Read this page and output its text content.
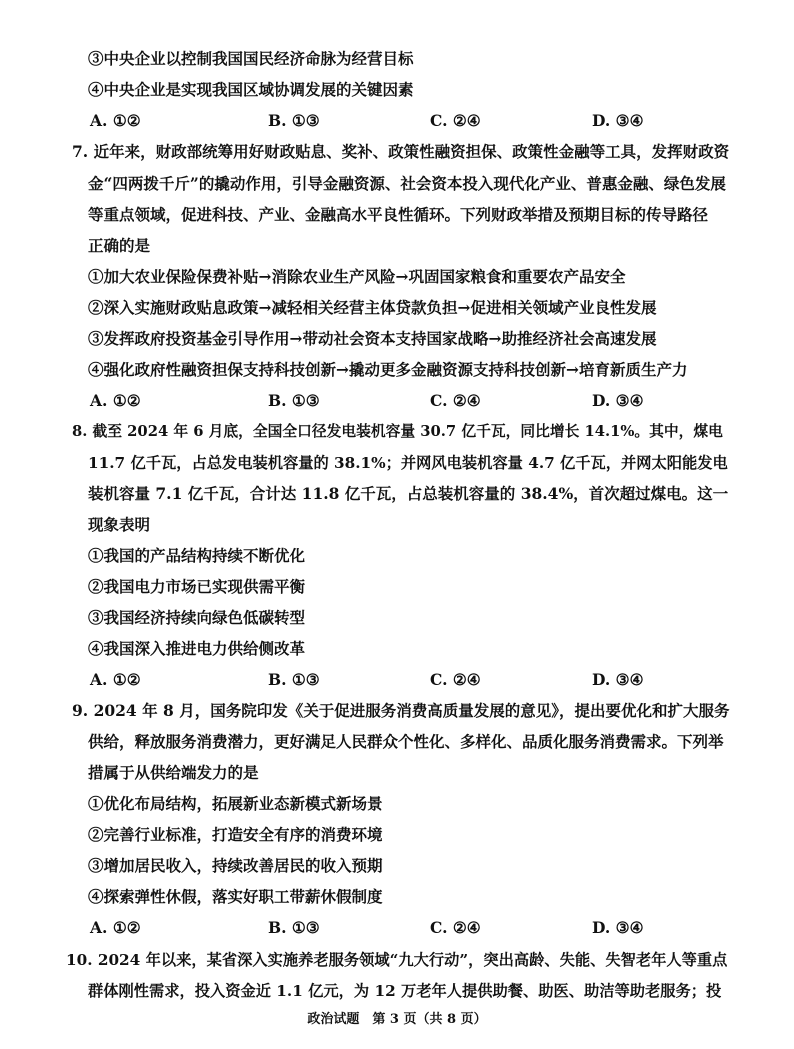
③中央企业以控制我国国民经济命脉为经营目标
④中央企业是实现我国区域协调发展的关键因素
A. ①②	B. ①③	C. ②④	D. ③④
7. 近年来，财政部统筹用好财政贴息、奖补、政策性融资担保、政策性金融等工具，发挥财政资
金“四两拨千斤”的撬动作用，引导金融资源、社会资本投入现代化产业、普惠金融、绿色发展
等重点领域，促进科技、产业、金融高水平良性循环。下列财政举措及预期目标的传导路径
正确的是
①加大农业保险保费补贴→消除农业生产风险→巩固国家粮食和重要农产品安全
②深入实施财政贴息政策→减轻相关经营主体贷款负担→促进相关领域产业良性发展
③发挥政府投资基金引导作用→带动社会资本支持国家战略→助推经济社会高速发展
④强化政府性融资担保支持科技创新→撬动更多金融资源支持科技创新→培育新质生产力
A. ①②	B. ①③	C. ②④	D. ③④
8. 截至 2024 年 6 月底，全国全口径发电装机容量 30.7 亿千瓦，同比增长 14.1%。其中，煤电
11.7 亿千瓦，占总发电装机容量的 38.1%；并网风电装机容量 4.7 亿千瓦，并网太阳能发电
装机容量 7.1 亿千瓦，合计达 11.8 亿千瓦，占总装机容量的 38.4%，首次超过煤电。这一
现象表明
①我国的产品结构持续不断优化
②我国电力市场已实现供需平衡
③我国经济持续向绿色低碳转型
④我国深入推进电力供给侧改革
A. ①②	B. ①③	C. ②④	D. ③④
9. 2024 年 8 月，国务院印发《关于促进服务消费高质量发展的意见》，提出要优化和扩大服务
供给，释放服务消费潜力，更好满足人民群众个性化、多样化、品质化服务消费需求。下列举
措属于从供给端发力的是
①优化布局结构，拓展新业态新模式新场景
②完善行业标准，打造安全有序的消费环境
③增加居民收入，持续改善居民的收入预期
④探索弹性休假，落实好职工带薪休假制度
A. ①②	B. ①③	C. ②④	D. ③④
10. 2024 年以来，某省深入实施养老服务领域“九大行动”，突出高龄、失能、失智老年人等重点
群体刚性需求，投入资金近 1.1 亿元，为 12 万老年人提供助餐、助医、助洁等助老服务；投
政治试题　第 3 页（共 8 页）
